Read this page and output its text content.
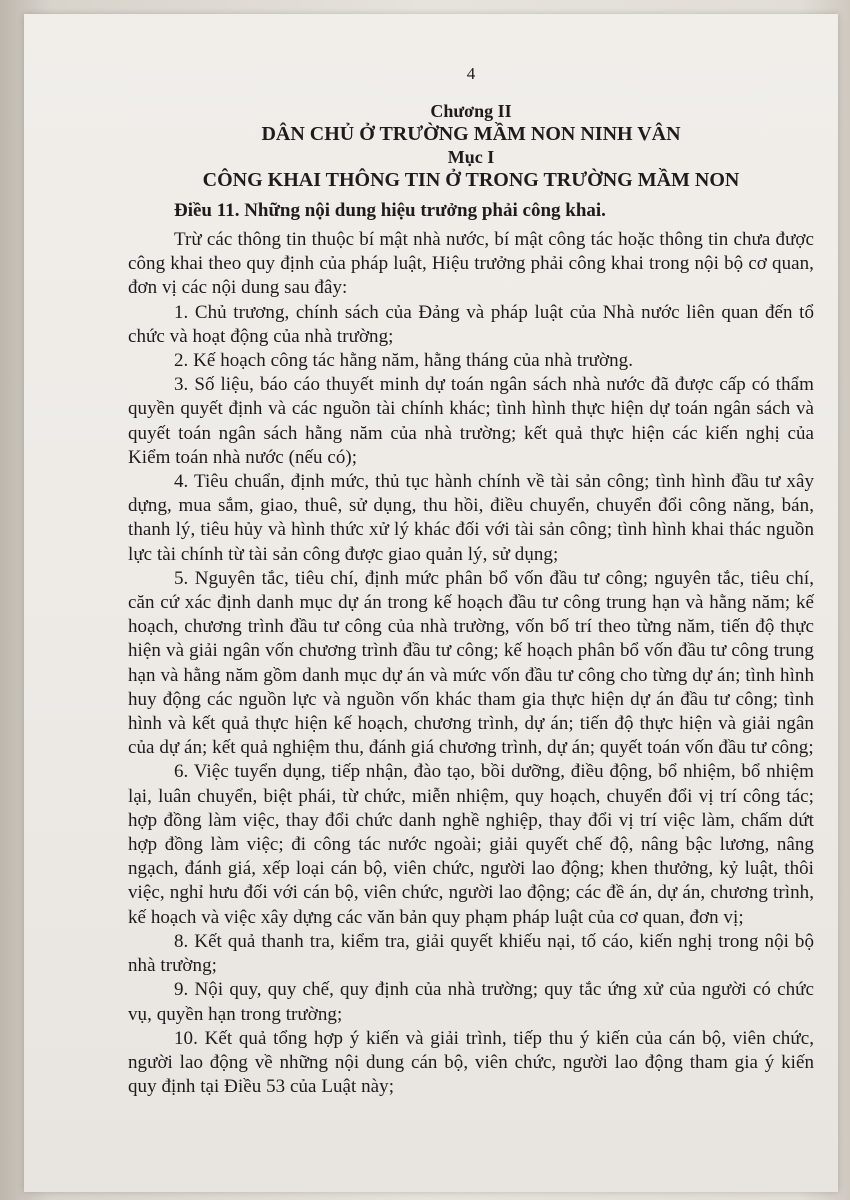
4

Chương II

DÂN CHỦ Ở TRƯỜNG MẦM NON NINH VÂN

Mục I

CÔNG KHAI THÔNG TIN Ở TRONG TRƯỜNG MẦM NON

Điều 11. Những nội dung hiệu trưởng phải công khai.

Trừ các thông tin thuộc bí mật nhà nước, bí mật công tác hoặc thông tin chưa được công khai theo quy định của pháp luật, Hiệu trưởng phải công khai trong nội bộ cơ quan, đơn vị các nội dung sau đây:

1. Chủ trương, chính sách của Đảng và pháp luật của Nhà nước liên quan đến tổ chức và hoạt động của nhà trường;

2. Kế hoạch công tác hằng năm, hằng tháng của nhà trường.

3. Số liệu, báo cáo thuyết minh dự toán ngân sách nhà nước đã được cấp có thẩm quyền quyết định và các nguồn tài chính khác; tình hình thực hiện dự toán ngân sách và quyết toán ngân sách hằng năm của nhà trường; kết quả thực hiện các kiến nghị của Kiểm toán nhà nước (nếu có);

4. Tiêu chuẩn, định mức, thủ tục hành chính về tài sản công; tình hình đầu tư xây dựng, mua sắm, giao, thuê, sử dụng, thu hồi, điều chuyển, chuyển đổi công năng, bán, thanh lý, tiêu hủy và hình thức xử lý khác đối với tài sản công; tình hình khai thác nguồn lực tài chính từ tài sản công được giao quản lý, sử dụng;

5. Nguyên tắc, tiêu chí, định mức phân bổ vốn đầu tư công; nguyên tắc, tiêu chí, căn cứ xác định danh mục dự án trong kế hoạch đầu tư công trung hạn và hằng năm; kế hoạch, chương trình đầu tư công của nhà trường, vốn bố trí theo từng năm, tiến độ thực hiện và giải ngân vốn chương trình đầu tư công; kế hoạch phân bổ vốn đầu tư công trung hạn và hằng năm gồm danh mục dự án và mức vốn đầu tư công cho từng dự án; tình hình huy động các nguồn lực và nguồn vốn khác tham gia thực hiện dự án đầu tư công; tình hình và kết quả thực hiện kế hoạch, chương trình, dự án; tiến độ thực hiện và giải ngân của dự án; kết quả nghiệm thu, đánh giá chương trình, dự án; quyết toán vốn đầu tư công;

6. Việc tuyển dụng, tiếp nhận, đào tạo, bồi dưỡng, điều động, bổ nhiệm, bổ nhiệm lại, luân chuyển, biệt phái, từ chức, miễn nhiệm, quy hoạch, chuyển đổi vị trí công tác; hợp đồng làm việc, thay đổi chức danh nghề nghiệp, thay đổi vị trí việc làm, chấm dứt hợp đồng làm việc; đi công tác nước ngoài; giải quyết chế độ, nâng bậc lương, nâng ngạch, đánh giá, xếp loại cán bộ, viên chức, người lao động; khen thưởng, kỷ luật, thôi việc, nghỉ hưu đối với cán bộ, viên chức, người lao động; các đề án, dự án, chương trình, kế hoạch và việc xây dựng các văn bản quy phạm pháp luật của cơ quan, đơn vị;

8. Kết quả thanh tra, kiểm tra, giải quyết khiếu nại, tố cáo, kiến nghị trong nội bộ nhà trường;

9. Nội quy, quy chế, quy định của nhà trường; quy tắc ứng xử của người có chức vụ, quyền hạn trong trường;

10. Kết quả tổng hợp ý kiến và giải trình, tiếp thu ý kiến của cán bộ, viên chức, người lao động về những nội dung cán bộ, viên chức, người lao động tham gia ý kiến quy định tại Điều 53 của Luật này;
